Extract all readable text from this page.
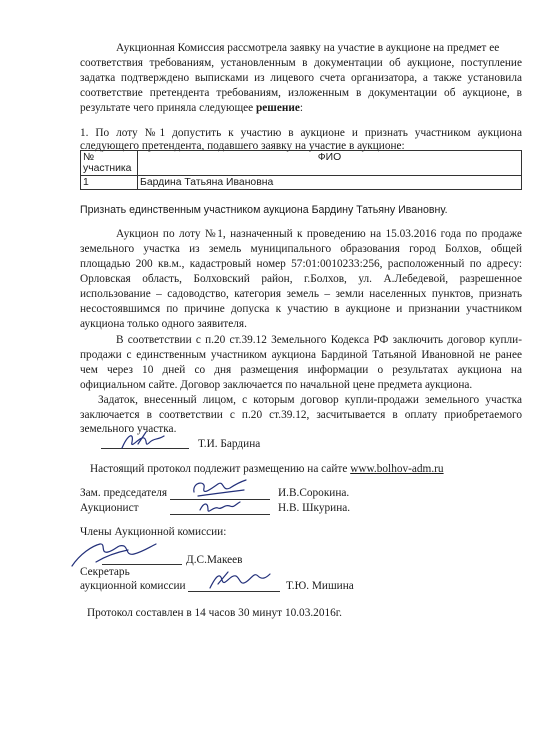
Аукционная Комиссия рассмотрела заявку на участие в аукционе на предмет ее
соответствия требованиям, установленным в документации об аукционе, поступление
задатка подтверждено выписками из лицевого счета организатора, а также установила
соответствие претендента требованиям, изложенным в документации об аукционе, в
результате чего приняла следующее решение:
1. По лоту №1 допустить к участию в аукционе и признать участником аукциона
следующего претендента, подавшего заявку на участие в аукционе:
№ участника	ФИО
1	Бардина Татьяна Ивановна
Признать единственным участником аукциона Бардину Татьяну Ивановну.
Аукцион по лоту №1, назначенный к проведению на 15.03.2016 года по продаже
земельного участка из земель муниципального образования город Болхов, общей
площадью 200 кв.м., кадастровый номер 57:01:0010233:256, расположенный по адресу:
Орловская область, Болховский район, г.Болхов, ул. А.Лебедевой, разрешенное
использование – садоводство, категория земель – земли населенных пунктов, признать
несостоявшимся по причине допуска к участию в аукционе и признании участником
аукциона только одного заявителя.
В соответствии с п.20 ст.39.12 Земельного Кодекса РФ заключить договор купли-
продажи с единственным участником аукциона Бардиной Татьяной Ивановной не ранее
чем через 10 дней со дня размещения информации о результатах аукциона на
официальном сайте. Договор заключается по начальной цене предмета аукциона.
Задаток, внесенный лицом, с которым договор купли-продажи земельного участка
заключается в соответствии с п.20 ст.39.12, засчитывается в оплату приобретаемого
земельного участка.
Т.И. Бардина
Настоящий протокол подлежит размещению на сайте www.bolhov-adm.ru
Зам. председателя	И.В.Сорокина.
Аукционист	Н.В. Шкурина.
Члены Аукционной комиссии:
Д.С.Макеев
Секретарь
аукционной комиссии	Т.Ю. Мишина
Протокол составлен в 14 часов 30 минут 10.03.2016г.
